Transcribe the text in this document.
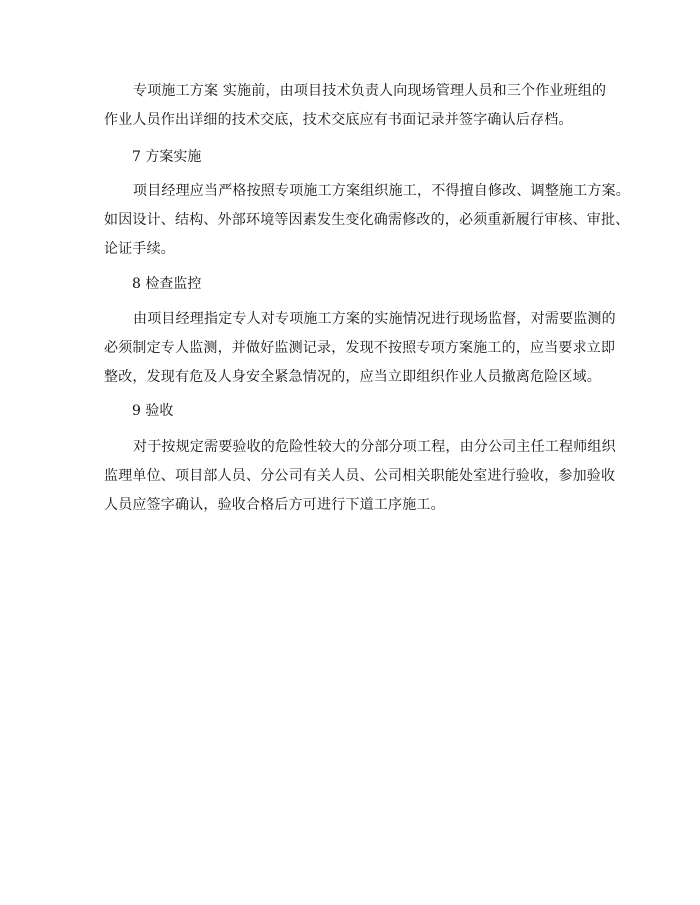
专项施工方案 实施前，由项目技术负责人向现场管理人员和三个作业班组的
作业人员作出详细的技术交底，技术交底应有书面记录并签字确认后存档。
7 方案实施
项目经理应当严格按照专项施工方案组织施工，不得擅自修改、调整施工方案。
如因设计、结构、外部环境等因素发生变化确需修改的，必须重新履行审核、审批、
论证手续。
8 检查监控
由项目经理指定专人对专项施工方案的实施情况进行现场监督，对需要监测的
必须制定专人监测，并做好监测记录，发现不按照专项方案施工的，应当要求立即
整改，发现有危及人身安全紧急情况的，应当立即组织作业人员撤离危险区域。
9 验收
对于按规定需要验收的危险性较大的分部分项工程，由分公司主任工程师组织
监理单位、项目部人员、分公司有关人员、公司相关职能处室进行验收，参加验收
人员应签字确认，验收合格后方可进行下道工序施工。
